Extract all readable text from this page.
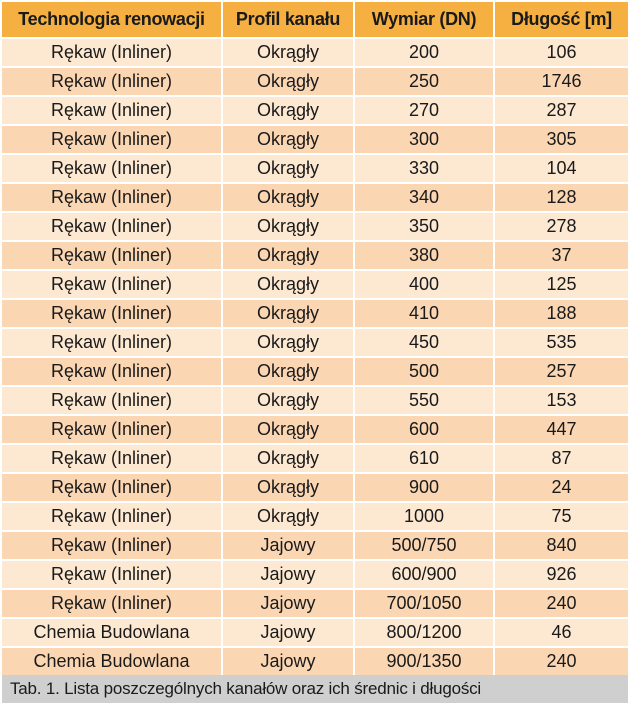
Technologia renowacji	Profil kanału	Wymiar (DN)	Długość [m]
Rękaw (Inliner)	Okrągły	200	106
Rękaw (Inliner)	Okrągły	250	1746
Rękaw (Inliner)	Okrągły	270	287
Rękaw (Inliner)	Okrągły	300	305
Rękaw (Inliner)	Okrągły	330	104
Rękaw (Inliner)	Okrągły	340	128
Rękaw (Inliner)	Okrągły	350	278
Rękaw (Inliner)	Okrągły	380	37
Rękaw (Inliner)	Okrągły	400	125
Rękaw (Inliner)	Okrągły	410	188
Rękaw (Inliner)	Okrągły	450	535
Rękaw (Inliner)	Okrągły	500	257
Rękaw (Inliner)	Okrągły	550	153
Rękaw (Inliner)	Okrągły	600	447
Rękaw (Inliner)	Okrągły	610	87
Rękaw (Inliner)	Okrągły	900	24
Rękaw (Inliner)	Okrągły	1000	75
Rękaw (Inliner)	Jajowy	500/750	840
Rękaw (Inliner)	Jajowy	600/900	926
Rękaw (Inliner)	Jajowy	700/1050	240
Chemia Budowlana	Jajowy	800/1200	46
Chemia Budowlana	Jajowy	900/1350	240
Tab. 1. Lista poszczególnych kanałów oraz ich średnic i długości
